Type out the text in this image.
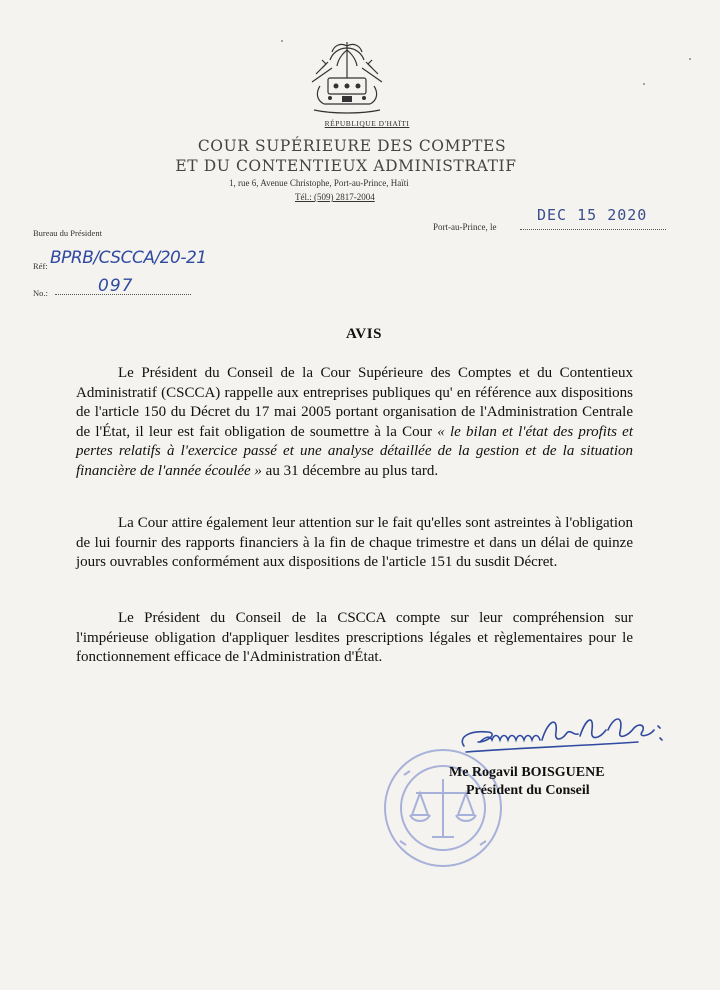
RÉPUBLIQUE D'HAÏTI
COUR SUPÉRIEURE DES COMPTES
ET DU CONTENTIEUX ADMINISTRATIF
1, rue 6, Avenue Christophe, Port-au-Prince, Haïti
Tél.: (509) 2817-2004
Bureau du Président
Port-au-Prince, le
DEC 15 2020
Réf: BPRB/CSCCA/20-21
No.:	097
AVIS

Le Président du Conseil de la Cour Supérieure des Comptes et du Contentieux Administratif (CSCCA) rappelle aux entreprises publiques qu' en référence aux dispositions de l'article 150 du Décret du 17 mai 2005 portant organisation de l'Administration Centrale de l'État, il leur est fait obligation de soumettre à la Cour « le bilan et l'état des profits et pertes relatifs à l'exercice passé et une analyse détaillée de la gestion et de la situation financière de l'année écoulée » au 31 décembre au plus tard.

La Cour attire également leur attention sur le fait qu'elles sont astreintes à l'obligation de lui fournir des rapports financiers à la fin de chaque trimestre et dans un délai de quinze jours ouvrables conformément aux dispositions de l'article 151 du susdit Décret.

Le Président du Conseil de la CSCCA compte sur leur compréhension sur l'impérieuse obligation d'appliquer lesdites prescriptions légales et règlementaires pour le fonctionnement efficace de l'Administration d'État.

Me Rogavil BOISGUENE
Président du Conseil
